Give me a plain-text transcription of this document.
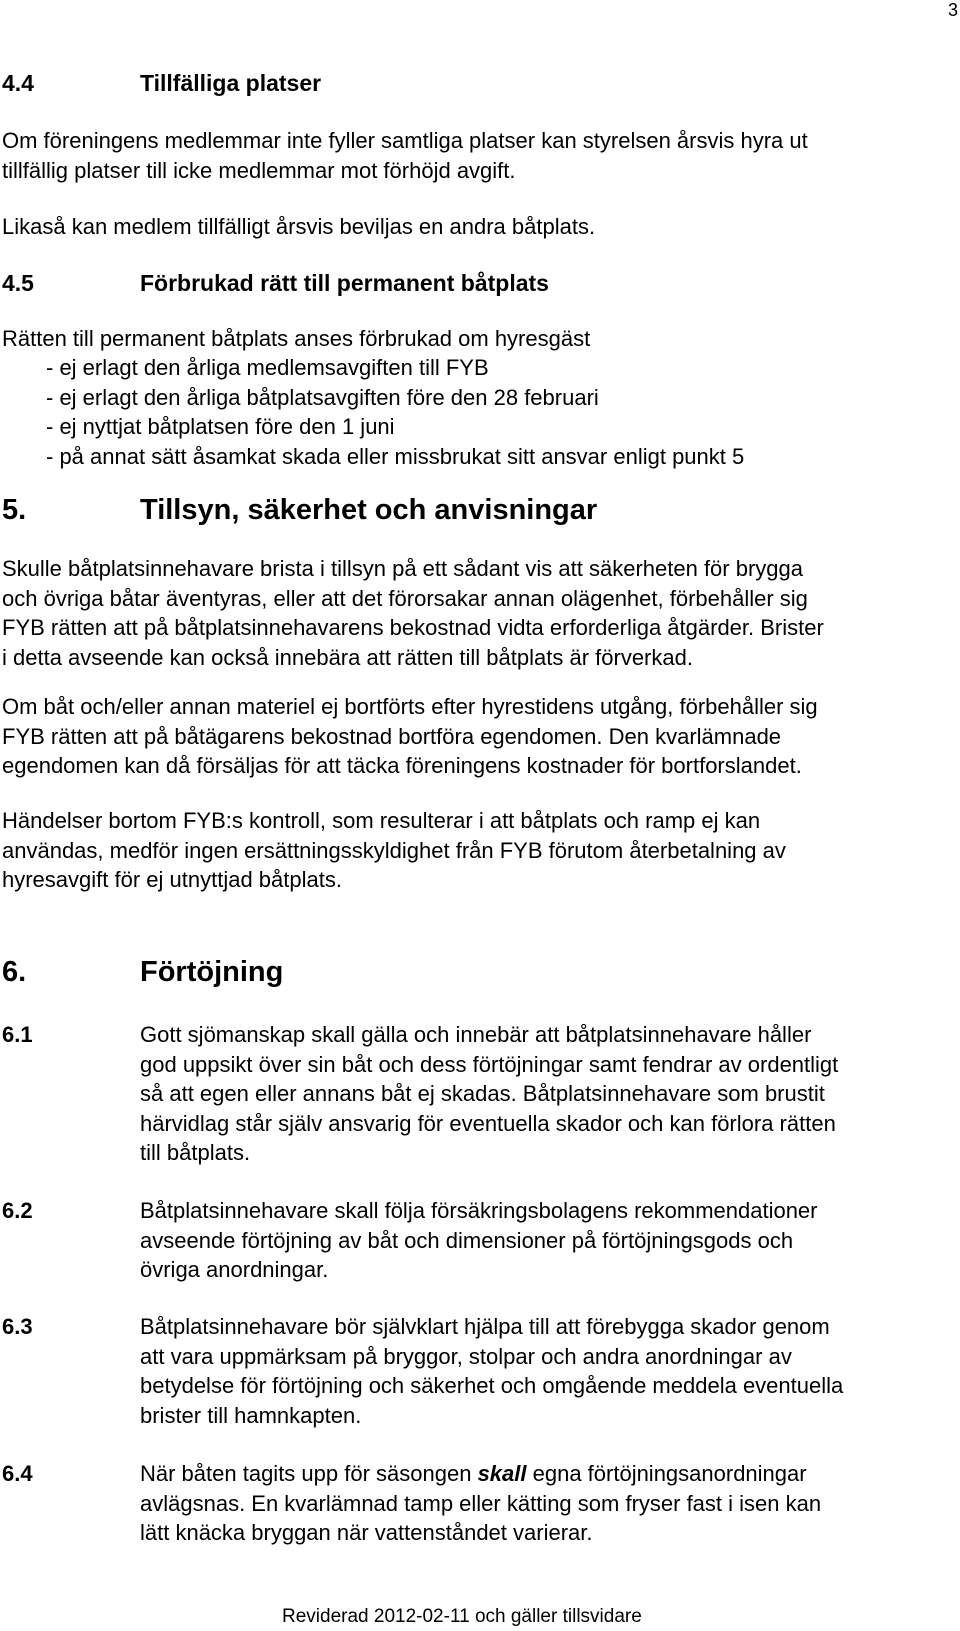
3
4.4	Tillfälliga platser
Om föreningens medlemmar inte fyller samtliga platser kan styrelsen årsvis hyra ut
tillfällig platser till icke medlemmar mot förhöjd avgift.
Likaså kan medlem tillfälligt årsvis beviljas en andra båtplats.
4.5	Förbrukad rätt till permanent båtplats
Rätten till permanent båtplats anses förbrukad om hyresgäst
- ej erlagt den årliga medlemsavgiften till FYB
- ej erlagt den årliga båtplatsavgiften före den 28 februari
- ej nyttjat båtplatsen före den 1 juni
- på annat sätt åsamkat skada eller missbrukat sitt ansvar enligt punkt 5
5.	Tillsyn, säkerhet och anvisningar
Skulle båtplatsinnehavare brista i tillsyn på ett sådant vis att säkerheten för brygga
och övriga båtar äventyras, eller att det förorsakar annan olägenhet, förbehåller sig
FYB rätten att på båtplatsinnehavarens bekostnad vidta erforderliga åtgärder. Brister
i detta avseende kan också innebära att rätten till båtplats är förverkad.
Om båt och/eller annan materiel ej bortförts efter hyrestidens utgång, förbehåller sig
FYB rätten att på båtägarens bekostnad bortföra egendomen. Den kvarlämnade
egendomen kan då försäljas för att täcka föreningens kostnader för bortforslandet.
Händelser bortom FYB:s kontroll, som resulterar i att båtplats och ramp ej kan
användas, medför ingen ersättningsskyldighet från FYB förutom återbetalning av
hyresavgift för ej utnyttjad båtplats.
6.	Förtöjning
6.1	Gott sjömanskap skall gälla och innebär att båtplatsinnehavare håller
god uppsikt över sin båt och dess förtöjningar samt fendrar av ordentligt
så att egen eller annans båt ej skadas. Båtplatsinnehavare som brustit
härvidlag står själv ansvarig för eventuella skador och kan förlora rätten
till båtplats.
6.2	Båtplatsinnehavare skall följa försäkringsbolagens rekommendationer
avseende förtöjning av båt och dimensioner på förtöjningsgods och
övriga anordningar.
6.3	Båtplatsinnehavare bör självklart hjälpa till att förebygga skador genom
att vara uppmärksam på bryggor, stolpar och andra anordningar av
betydelse för förtöjning och säkerhet och omgående meddela eventuella
brister till hamnkapten.
6.4	När båten tagits upp för säsongen skall egna förtöjningsanordningar
avlägsnas. En kvarlämnad tamp eller kätting som fryser fast i isen kan
lätt knäcka bryggan när vattenståndet varierar.
Reviderad 2012-02-11 och gäller tillsvidare
